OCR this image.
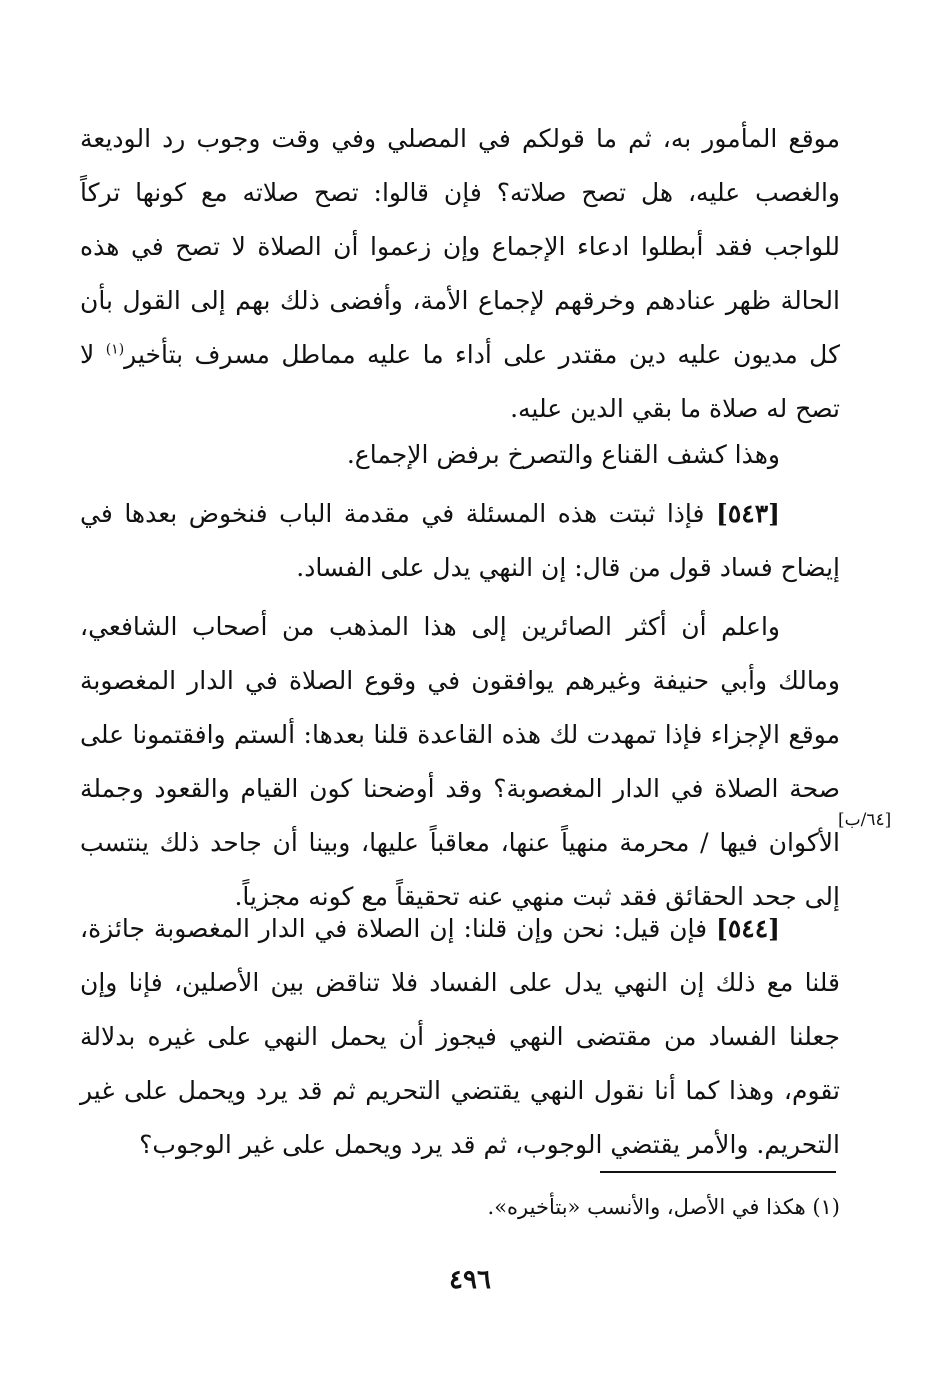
موقع المأمور به، ثم ما قولكم في المصلي وفي وقت وجوب رد الوديعة والغصب عليه، هل تصح صلاته؟ فإن قالوا: تصح صلاته مع كونها تركاً للواجب فقد أبطلوا ادعاء الإجماع وإن زعموا أن الصلاة لا تصح في هذه الحالة ظهر عنادهم وخرقهم لإجماع الأمة، وأفضى ذلك بهم إلى القول بأن كل مديون عليه دين مقتدر على أداء ما عليه مماطل مسرف بتأخير$^{(١)}$ لا تصح له صلاة ما بقي الدين عليه.

وهذا كشف القناع والتصرخ برفض الإجماع.

[٥٤٣] فإذا ثبتت هذه المسئلة في مقدمة الباب فنخوض بعدها في إيضاح فساد قول من قال: إن النهي يدل على الفساد.

واعلم أن أكثر الصائرين إلى هذا المذهب من أصحاب الشافعي، ومالك وأبي حنيفة وغيرهم يوافقون في وقوع الصلاة في الدار المغصوبة موقع الإجزاء فإذا تمهدت لك هذه القاعدة قلنا بعدها: ألستم وافقتمونا على صحة الصلاة في الدار المغصوبة؟ وقد أوضحنا كون القيام والقعود وجملة الأكوان فيها / محرمة منهياً عنها، معاقباً عليها، وبينا أن جاحد ذلك ينتسب إلى جحد الحقائق فقد ثبت منهي عنه تحقيقاً مع كونه مجزياً.

[٦٤/ب]

[٥٤٤] فإن قيل: نحن وإن قلنا: إن الصلاة في الدار المغصوبة جائزة، قلنا مع ذلك إن النهي يدل على الفساد فلا تناقض بين الأصلين، فإنا وإن جعلنا الفساد من مقتضى النهي فيجوز أن يحمل النهي على غيره بدلالة تقوم، وهذا كما أنا نقول النهي يقتضي التحريم ثم قد يرد ويحمل على غير التحريم. والأمر يقتضي الوجوب، ثم قد يرد ويحمل على غير الوجوب؟

(١) هكذا في الأصل، والأنسب «بتأخيره».
٤٩٦
